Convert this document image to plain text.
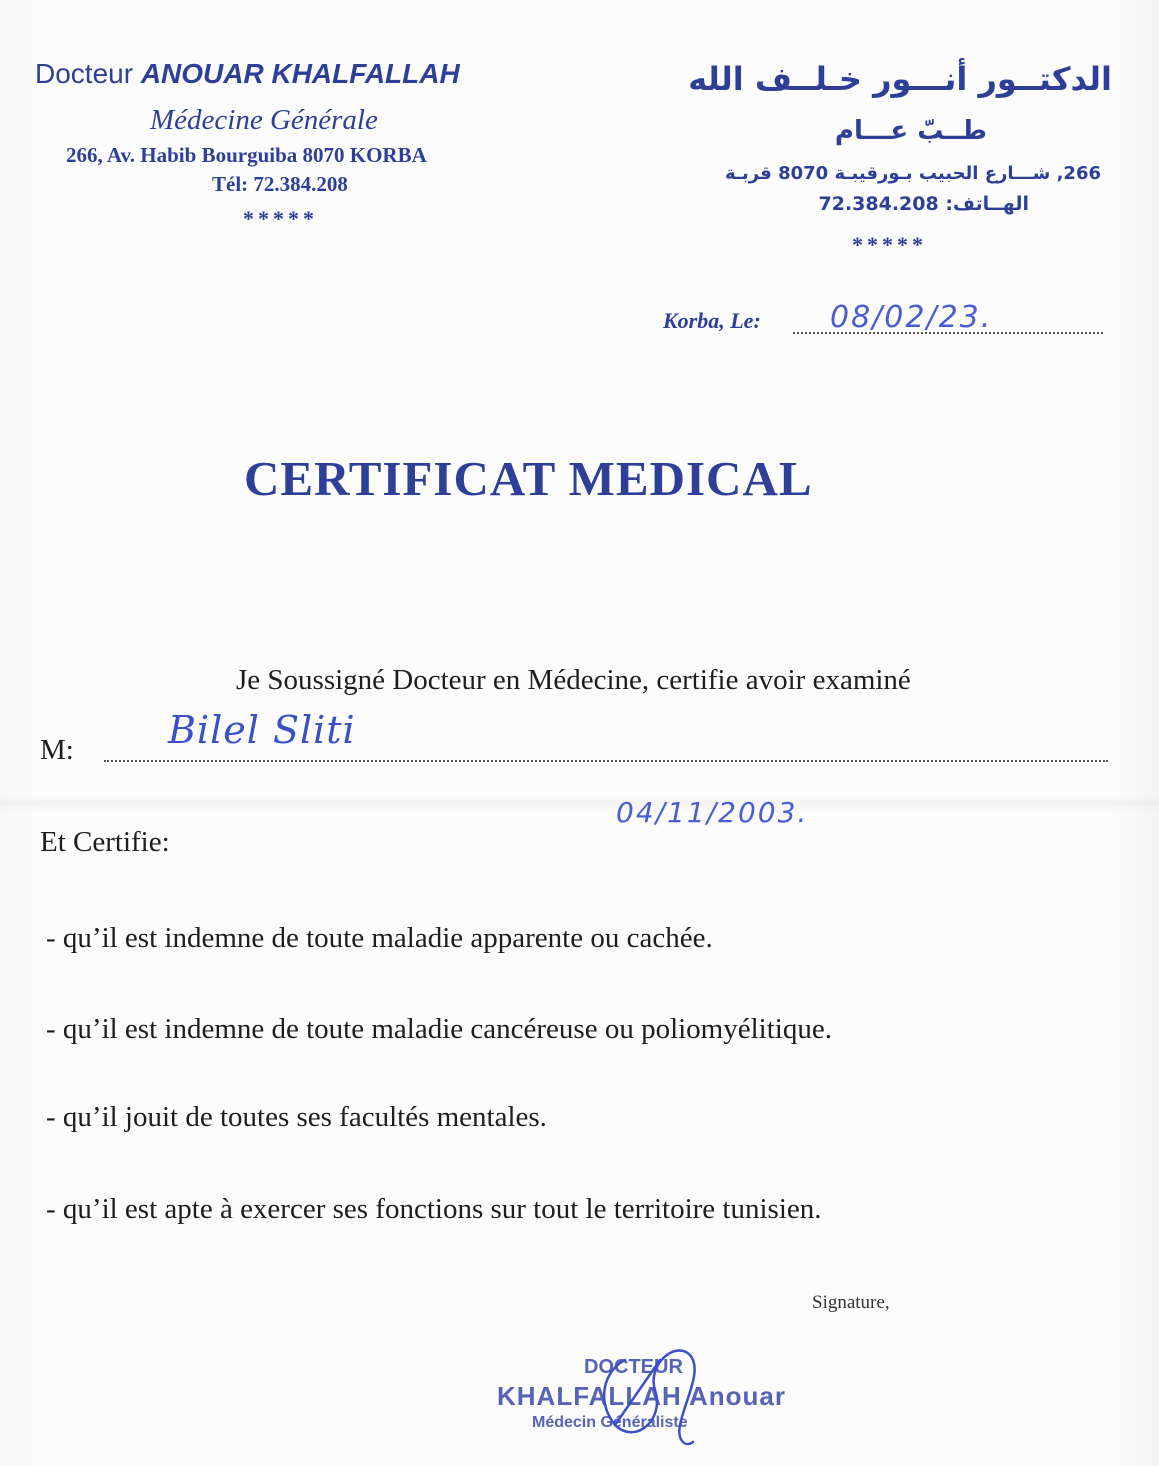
Docteur ANOUAR KHALFALLAH
Médecine Générale
266, Av. Habib Bourguiba 8070 KORBA
Tél: 72.384.208
*****
الدكتــور أنـــور خـلــف الله
طــبّ عـــام
266, شـــارع الحبيب بـورقيبـة 8070 قربـة
الهــاتف: 72.384.208
*****
Korba, Le: 08/02/23.
CERTIFICAT MEDICAL
Je Soussigné Docteur en Médecine, certifie avoir examiné
M: Bilel Sliti
04/11/2003.
Et Certifie:
- qu’il est indemne de toute maladie apparente ou cachée.
- qu’il est indemne de toute maladie cancéreuse ou poliomyélitique.
- qu’il jouit de toutes ses facultés mentales.
- qu’il est apte à exercer ses fonctions sur tout le territoire tunisien.
Signature,
DOCTEUR
KHALFALLAH Anouar
Médecin Généraliste
